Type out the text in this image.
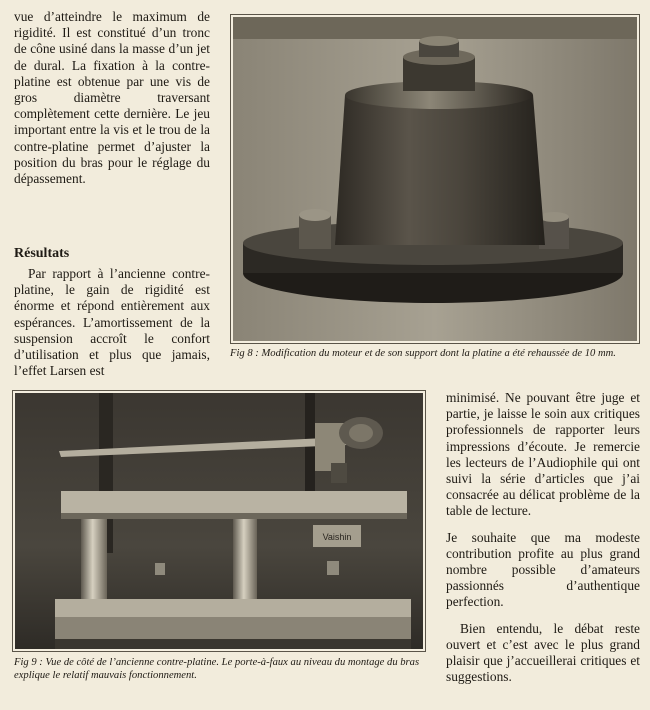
vue d’atteindre le maximum de rigidité. Il est constitué d’un tronc de cône usiné dans la masse d’un jet de dural. La fixation à la contre-platine est obtenue par une vis de gros diamètre traversant complètement cette dernière. Le jeu important entre la vis et le trou de la contre-platine permet d’ajuster la position du bras pour le réglage du dépassement.

Résultats

Par rapport à l’ancienne contre-platine, le gain de rigidité est énorme et répond entièrement aux espérances. L’amortissement de la suspension accroît le confort d’utilisation et plus que jamais, l’effet Larsen est

Fig 8 : Modification du moteur et de son support dont la platine a été rehaussée de 10 mm.

Vaishin

Fig 9 : Vue de côté de l’ancienne contre-platine. Le porte-à-faux au niveau du montage du bras explique le relatif mauvais fonctionnement.

minimisé. Ne pouvant être juge et partie, je laisse le soin aux critiques professionnels de rapporter leurs impressions d’écoute. Je remercie les lecteurs de l’Audiophile qui ont suivi la série d’articles que j’ai consacrée au délicat problème de la table de lecture.

Je souhaite que ma modeste contribution profite au plus grand nombre possible d’amateurs passionnés d’authentique perfection.

Bien entendu, le débat reste ouvert et c’est avec le plus grand plaisir que j’accueillerai critiques et suggestions.
